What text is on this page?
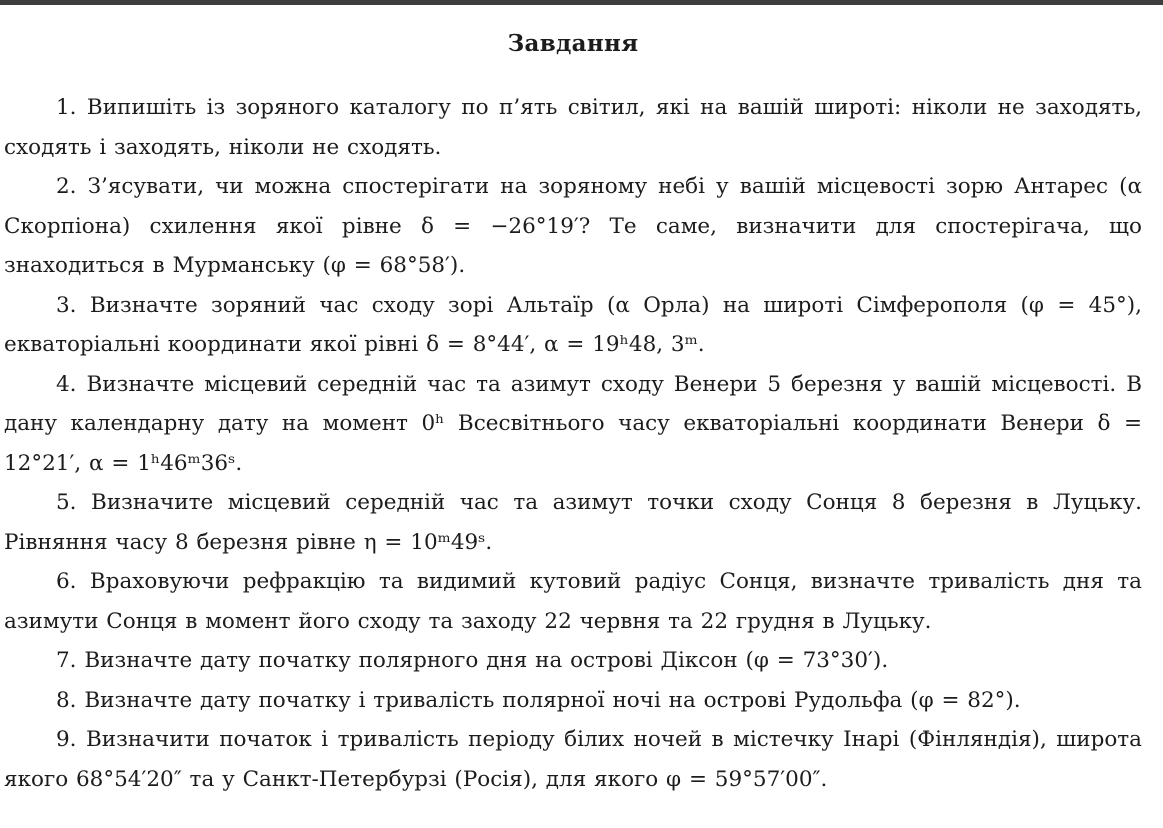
Завдання

1. Випишіть із зоряного каталогу по п’ять світил, які на вашій широті: ніколи не заходять, сходять і заходять, ніколи не сходять.

2. З’ясувати, чи можна спостерігати на зоряному небі у вашій місцевості зорю Антарес (α Скорпіона) схилення якої рівне δ = −26°19′? Те саме, визначити для спостерігача, що знаходиться в Мурманську (φ = 68°58′).

3. Визначте зоряний час сходу зорі Альтаїр (α Орла) на широті Сімферополя (φ = 45°), екваторіальні координати якої рівні δ = 8°44′, α = 19ʰ48, 3ᵐ.

4. Визначте місцевий середній час та азимут сходу Венери 5 березня у вашій місцевості. В дану календарну дату на момент 0ʰ Всесвітнього часу екваторіальні координати Венери δ = 12°21′, α = 1ʰ46ᵐ36ˢ.

5. Визначите місцевий середній час та азимут точки сходу Сонця 8 березня в Луцьку. Рівняння часу 8 березня рівне η = 10ᵐ49ˢ.

6. Враховуючи рефракцію та видимий кутовий радіус Сонця, визначте тривалість дня та азимути Сонця в момент його сходу та заходу 22 червня та 22 грудня в Луцьку.

7. Визначте дату початку полярного дня на острові Діксон (φ = 73°30′).

8. Визначте дату початку і тривалість полярної ночі на острові Рудольфа (φ = 82°).

9. Визначити початок і тривалість періоду білих ночей в містечку Інарі (Фінляндія), широта якого 68°54′20″ та у Санкт-Петербурзі (Росія), для якого φ = 59°57′00″.
